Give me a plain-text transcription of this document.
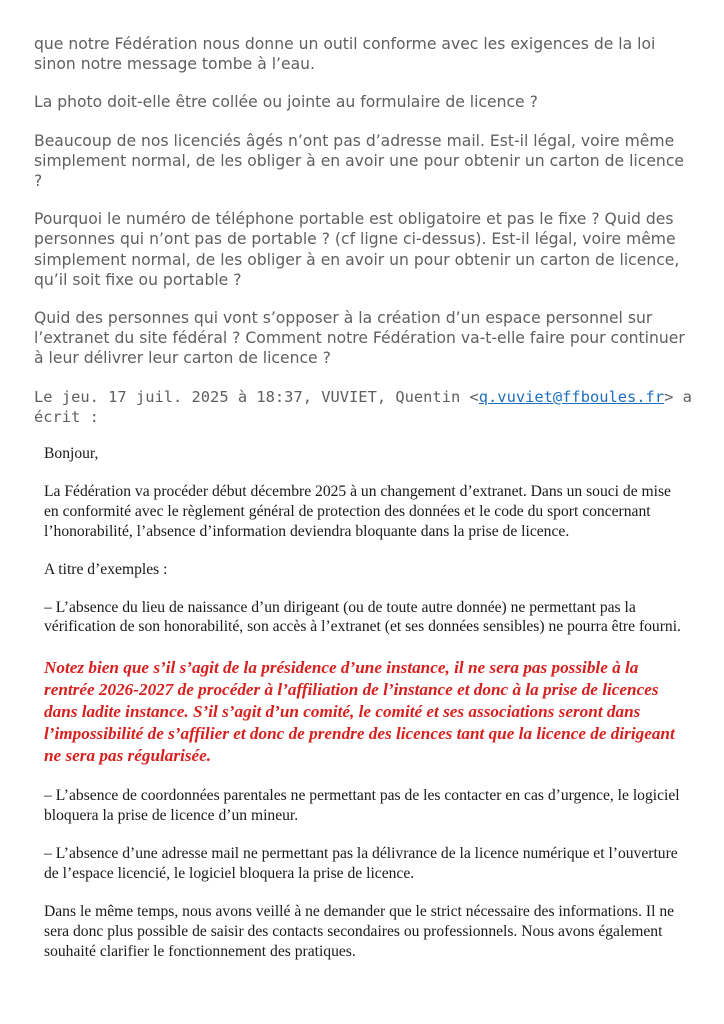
que notre Fédération nous donne un outil conforme avec les exigences de la loi sinon notre message tombe à l’eau.

La photo doit-elle être collée ou jointe au formulaire de licence ?

Beaucoup de nos licenciés âgés n’ont pas d’adresse mail. Est-il légal, voire même simplement normal, de les obliger à en avoir une pour obtenir un carton de licence ?

Pourquoi le numéro de téléphone portable est obligatoire et pas le fixe ? Quid des personnes qui n’ont pas de portable ? (cf ligne ci-dessus). Est-il légal, voire même simplement normal, de les obliger à en avoir un pour obtenir un carton de licence, qu’il soit fixe ou portable ?

Quid des personnes qui vont s’opposer à la création d’un espace personnel sur l’extranet du site fédéral ? Comment notre Fédération va-t-elle faire pour continuer à leur délivrer leur carton de licence ?

Le jeu. 17 juil. 2025 à 18:37, VUVIET, Quentin <q.vuviet@ffboules.fr> a écrit :

Bonjour,

La Fédération va procéder début décembre 2025 à un changement d’extranet. Dans un souci de mise en conformité avec le règlement général de protection des données et le code du sport concernant l’honorabilité, l’absence d’information deviendra bloquante dans la prise de licence.

A titre d’exemples :

– L’absence du lieu de naissance d’un dirigeant (ou de toute autre donnée) ne permettant pas la vérification de son honorabilité, son accès à l’extranet (et ses données sensibles) ne pourra être fourni.

Notez bien que s’il s’agit de la présidence d’une instance, il ne sera pas possible à la rentrée 2026-2027 de procéder à l’affiliation de l’instance et donc à la prise de licences dans ladite instance. S’il s’agit d’un comité, le comité et ses associations seront dans l’impossibilité de s’affilier et donc de prendre des licences tant que la licence de dirigeant ne sera pas régularisée.

– L’absence de coordonnées parentales ne permettant pas de les contacter en cas d’urgence, le logiciel bloquera la prise de licence d’un mineur.

– L’absence d’une adresse mail ne permettant pas la délivrance de la licence numérique et l’ouverture de l’espace licencié, le logiciel bloquera la prise de licence.

Dans le même temps, nous avons veillé à ne demander que le strict nécessaire des informations. Il ne sera donc plus possible de saisir des contacts secondaires ou professionnels. Nous avons également souhaité clarifier le fonctionnement des pratiques.
